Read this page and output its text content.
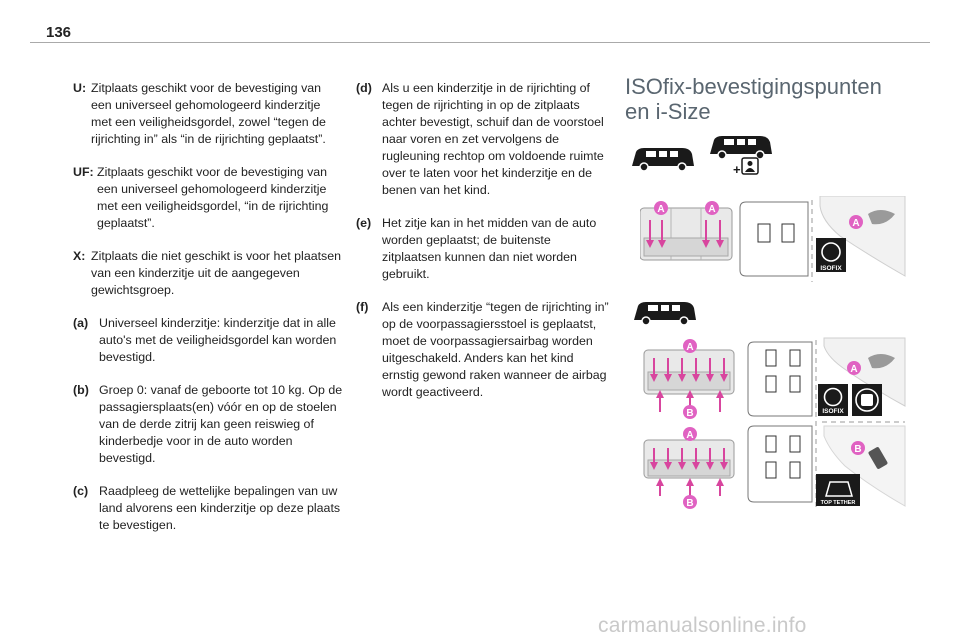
136
U: Zitplaats geschikt voor de bevestiging van een universeel gehomologeerd kinderzitje met een veiligheidsgordel, zowel “tegen de rijrichting in” als “in de rijrichting geplaatst”.
UF: Zitplaats geschikt voor de bevestiging van een universeel gehomologeerd kinderzitje met een veiligheidsgordel, “in de rijrichting geplaatst”.
X: Zitplaats die niet geschikt is voor het plaatsen van een kinderzitje uit de aangegeven gewichtsgroep.
(a) Universeel kinderzitje: kinderzitje dat in alle auto's met de veiligheidsgordel kan worden bevestigd.
(b) Groep 0: vanaf de geboorte tot 10 kg. Op de passagiersplaats(en) vóór en op de stoelen van de derde zitrij kan geen reiswieg of kinderbedje voor in de auto worden bevestigd.
(c) Raadpleeg de wettelijke bepalingen van uw land alvorens een kinderzitje op deze plaats te bevestigen.
(d) Als u een kinderzitje in de rijrichting of tegen de rijrichting in op de zitplaats achter bevestigt, schuif dan de voorstoel naar voren en zet vervolgens de rugleuning rechtop om voldoende ruimte over te laten voor het kinderzitje en de benen van het kind.
(e) Het zitje kan in het midden van de auto worden geplaatst; de buitenste zitplaatsen kunnen dan niet worden gebruikt.
(f)	Als een kinderzitje “tegen de rijrichting in” op de voorpassagiersstoel is geplaatst, moet de voorpassagiersairbag worden uitgeschakeld. Anders kan het kind ernstig gewond raken wanneer de airbag wordt geactiveerd.
ISOfix-bevestigingspunten
en i-Size
+
A	A
A
ISOFIX
A
B
A
B
A
ISOFIX
B
TOP TETHER
carmanualsonline.info
